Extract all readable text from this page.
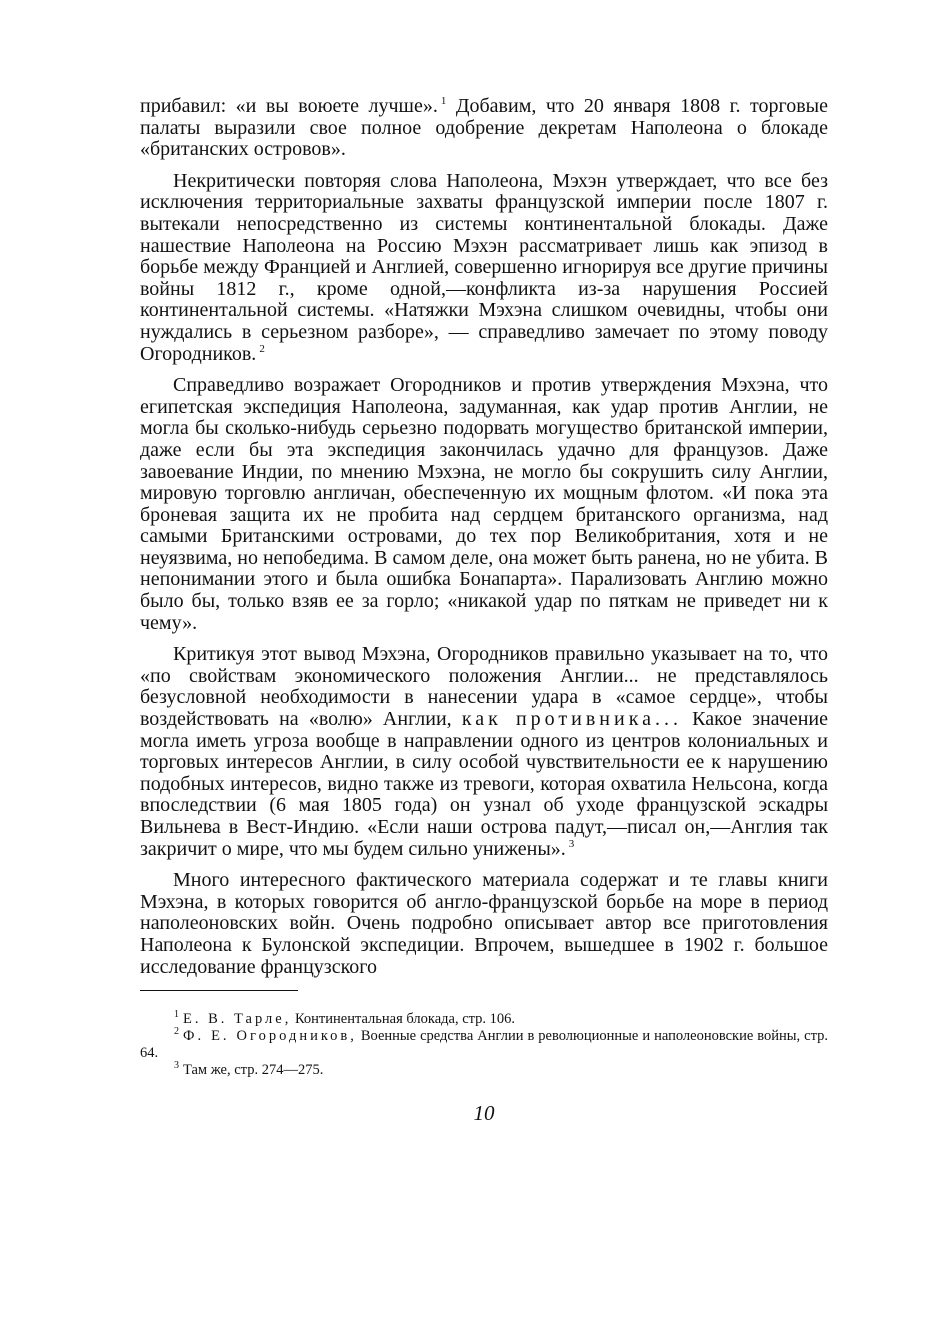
прибавил: «и вы воюете лучше». $^1$ Добавим, что 20 января 1808 г. торговые палаты выразили свое полное одобрение декретам Наполеона о блокаде «британских островов».

Некритически повторяя слова Наполеона, Мэхэн утверждает, что все без исключения территориальные захваты французской империи после 1807 г. вытекали непосредственно из системы континентальной блокады. Даже нашествие Наполеона на Россию Мэхэн рассматривает лишь как эпизод в борьбе между Францией и Англией, совершенно игнорируя все другие причины войны 1812 г., кроме одной,—конфликта из-за нарушения Россией континентальной системы. «Натяжки Мэхэна слишком очевидны, чтобы они нуждались в серьезном разборе», — справедливо замечает по этому поводу Огородников. $^2$

Справедливо возражает Огородников и против утверждения Мэхэна, что египетская экспедиция Наполеона, задуманная, как удар против Англии, не могла бы сколько-нибудь серьезно подорвать могущество британской империи, даже если бы эта экспедиция закончилась удачно для французов. Даже завоевание Индии, по мнению Мэхэна, не могло бы сокрушить силу Англии, мировую торговлю англичан, обеспеченную их мощным флотом. «И пока эта броневая защита их не пробита над сердцем британского организма, над самыми Британскими островами, до тех пор Великобритания, хотя и не неуязвима, но непобедима. В самом деле, она может быть ранена, но не убита. В непонимании этого и была ошибка Бонапарта». Парализовать Англию можно было бы, только взяв ее за горло; «никакой удар по пяткам не приведет ни к чему».

Критикуя этот вывод Мэхэна, Огородников правильно указывает на то, что «по свойствам экономического положения Англии... не представлялось безусловной необходимости в нанесении удара в «самое сердце», чтобы воздействовать на «волю» Англии, как противника... Какое значение могла иметь угроза вообще в направлении одного из центров колониальных и торговых интересов Англии, в силу особой чувствительности ее к нарушению подобных интересов, видно также из тревоги, которая охватила Нельсона, когда впоследствии (6 мая 1805 года) он узнал об уходе французской эскадры Вильнева в Вест-Индию. «Если наши острова падут,—писал он,—Англия так закричит о мире, что мы будем сильно унижены». $^3$

Много интересного фактического материала содержат и те главы книги Мэхэна, в которых говорится об англо-французской борьбе на море в период наполеоновских войн. Очень подробно описывает автор все приготовления Наполеона к Булонской экспедиции. Впрочем, вышедшее в 1902 г. большое исследование французского

$^1$ Е. В. Тарле, Континентальная блокада, стр. 106.

$^2$ Ф. Е. Огородников, Военные средства Англии в революционные и наполеоновские войны, стр. 64.

$^3$ Там же, стр. 274—275.

10
